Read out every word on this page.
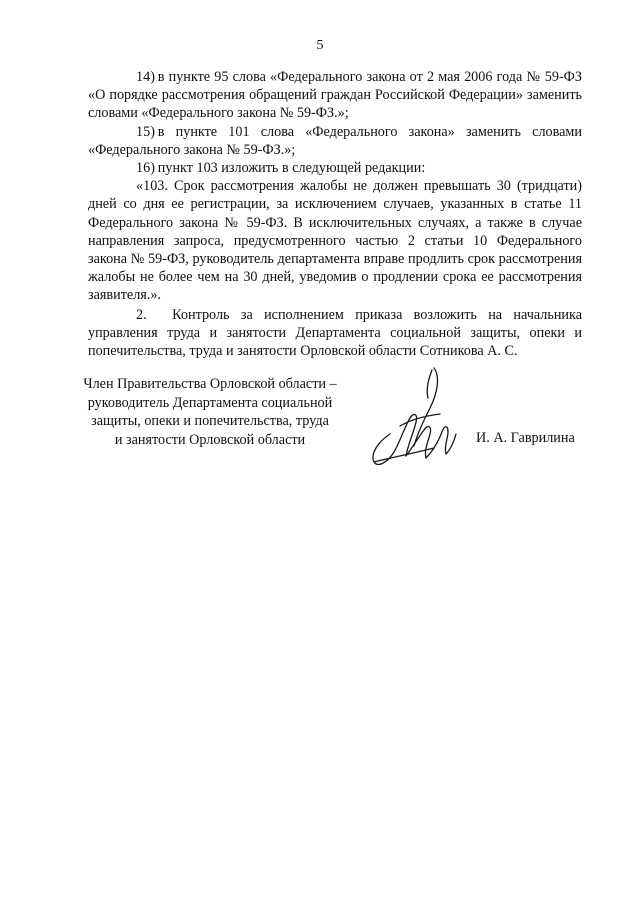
5

14) в пункте 95 слова «Федерального закона от 2 мая 2006 года № 59-ФЗ «О порядке рассмотрения обращений граждан Российской Федерации» заменить словами «Федерального закона № 59-ФЗ.»;

15) в пункте 101 слова «Федерального закона» заменить словами «Федерального закона № 59-ФЗ.»;

16) пункт 103 изложить в следующей редакции:

«103. Срок рассмотрения жалобы не должен превышать 30 (тридцати) дней со дня ее регистрации, за исключением случаев, указанных в статье 11 Федерального закона № 59-ФЗ. В исключительных случаях, а также в случае направления запроса, предусмотренного частью 2 статьи 10 Федерального закона № 59-ФЗ, руководитель департамента вправе продлить срок рассмотрения жалобы не более чем на 30 дней, уведомив о продлении срока ее рассмотрения заявителя.».

2.  Контроль за исполнением приказа возложить на начальника управления труда и занятости Департамента социальной защиты, опеки и попечительства, труда и занятости Орловской области Сотникова А. С.

Член Правительства Орловской области –
руководитель Департамента социальной
защиты, опеки и попечительства, труда
и занятости Орловской области	И. А. Гаврилина
